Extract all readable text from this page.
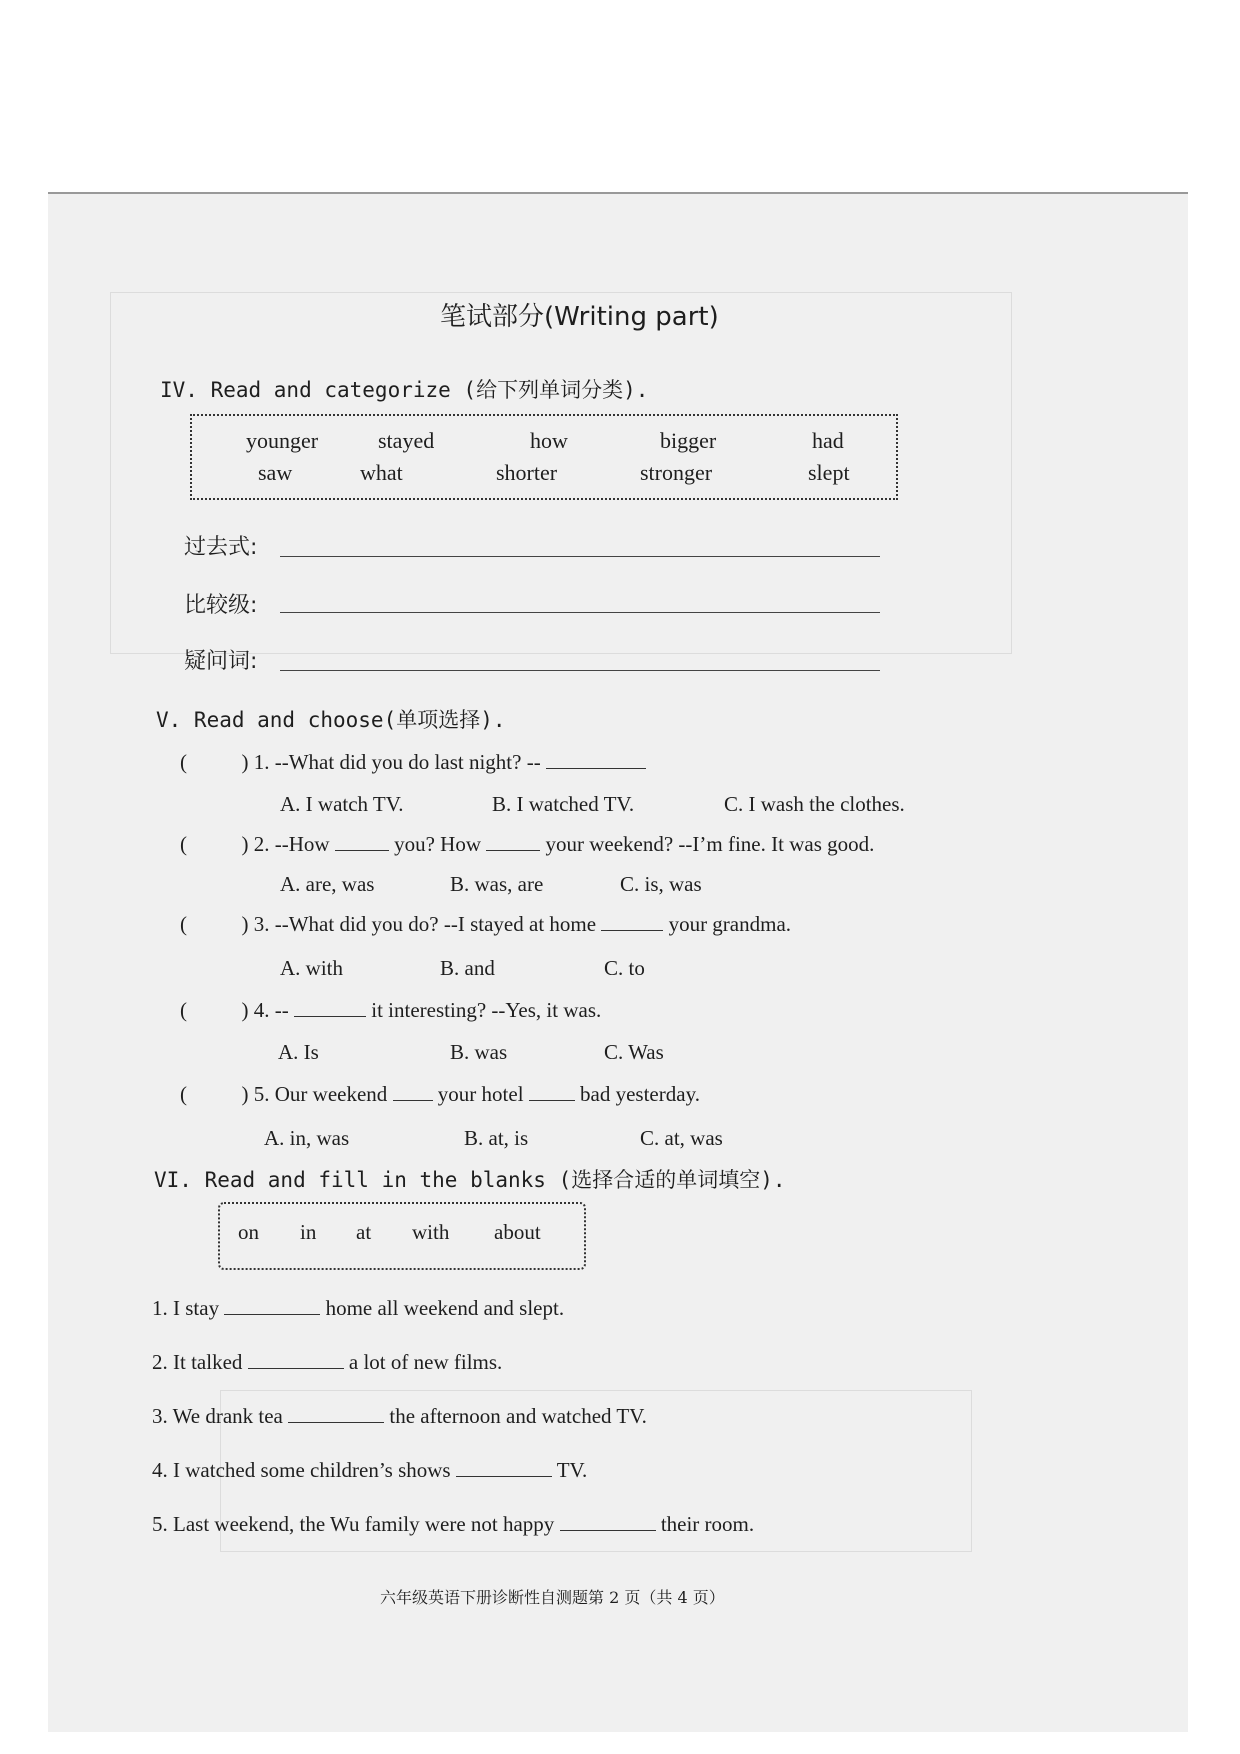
笔试部分(Writing part)
IV. Read and categorize (给下列单词分类).
younger	stayed	how	bigger	had
saw	what	shorter	stronger	slept
过去式:
比较级:
疑问词:
V. Read and choose(单项选择).
(	) 1. --What did you do last night? --
A. I watch TV.	B. I watched TV.	C. I wash the clothes.
(	) 2. --How	you? How	your weekend? --I’m fine. It was good.
A. are, was	B. was, are	C. is, was
(	) 3. --What did you do? --I stayed at home	your grandma.
A. with	B. and	C. to
(	) 4. --	it interesting? --Yes, it was.
A. Is	B. was	C. Was
(	) 5. Our weekend your hotel	bad yesterday.
A. in, was	B. at, is	C. at, was
VI. Read and fill in the blanks (选择合适的单词填空).
on in at with about
1. I stay	home all weekend and slept.
2. It talked	a lot of new films.
3. We drank tea	the afternoon and watched TV.
4. I watched some children’s shows	TV.
5. Last weekend, the Wu family were not happy	their room.
六年级英语下册诊断性自测题第 2 页（共 4 页）
